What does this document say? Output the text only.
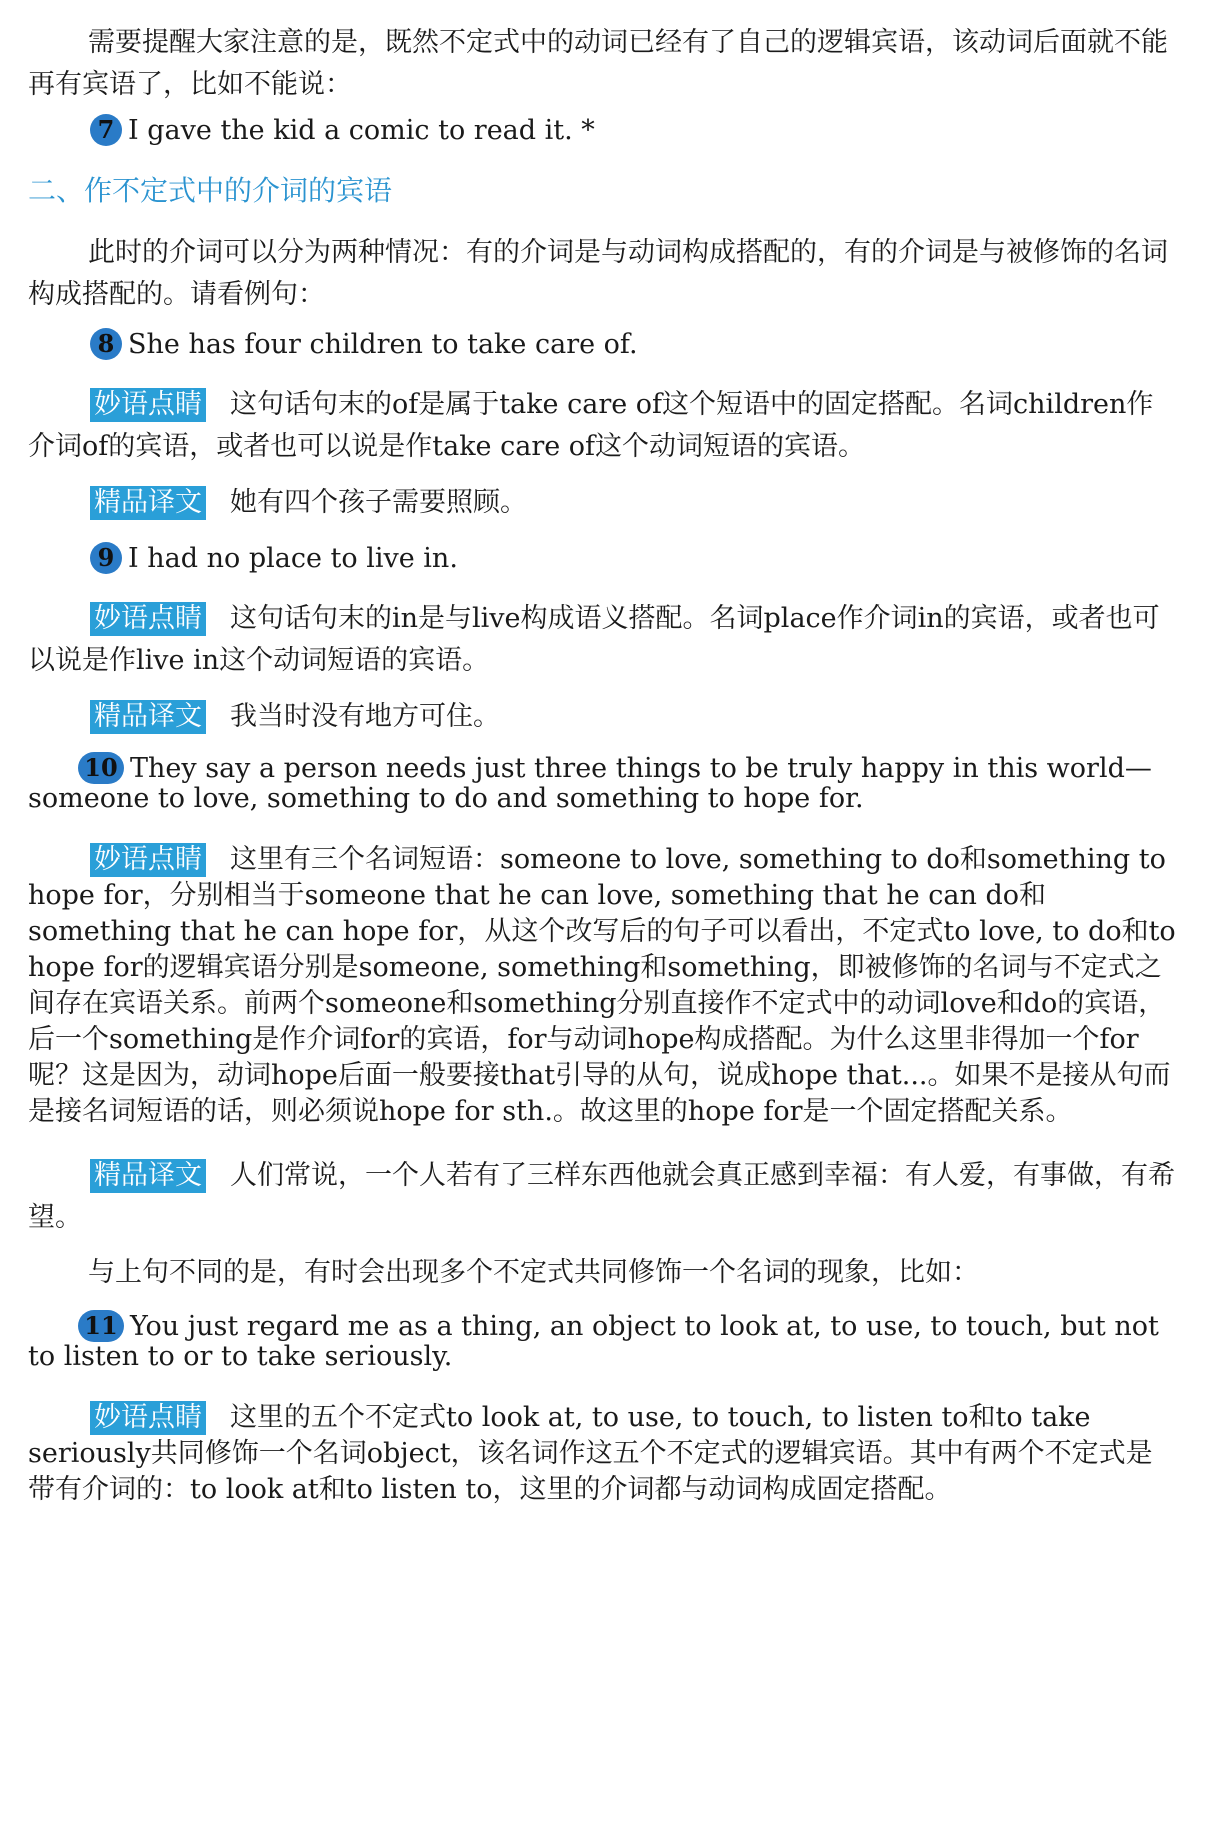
需要提醒大家注意的是，既然不定式中的动词已经有了自己的逻辑宾语，该动词后面就不能再有宾语了，比如不能说：
7 I gave the kid a comic to read it. *
二、作不定式中的介词的宾语
此时的介词可以分为两种情况：有的介词是与动词构成搭配的，有的介词是与被修饰的名词构成搭配的。请看例句：
8 She has four children to take care of.
妙语点睛 这句话句末的of是属于take care of这个短语中的固定搭配。名词children作介词of的宾语，或者也可以说是作take care of这个动词短语的宾语。
精品译文 她有四个孩子需要照顾。
9 I had no place to live in.
妙语点睛 这句话句末的in是与live构成语义搭配。名词place作介词in的宾语，或者也可以说是作live in这个动词短语的宾语。
精品译文 我当时没有地方可住。
10 They say a person needs just three things to be truly happy in this world—someone to love, something to do and something to hope for.
妙语点睛 这里有三个名词短语：someone to love, something to do和something to hope for，分别相当于someone that he can love, something that he can do和something that he can hope for，从这个改写后的句子可以看出，不定式to love, to do和to hope for的逻辑宾语分别是someone, something和something，即被修饰的名词与不定式之间存在宾语关系。前两个someone和something分别直接作不定式中的动词love和do的宾语，后一个something是作介词for的宾语，for与动词hope构成搭配。为什么这里非得加一个for呢？这是因为，动词hope后面一般要接that引导的从句，说成hope that...。如果不是接从句而是接名词短语的话，则必须说hope for sth.。故这里的hope for是一个固定搭配关系。
精品译文 人们常说，一个人若有了三样东西他就会真正感到幸福：有人爱，有事做，有希望。
与上句不同的是，有时会出现多个不定式共同修饰一个名词的现象，比如：
11 You just regard me as a thing, an object to look at, to use, to touch, but not to listen to or to take seriously.
妙语点睛 这里的五个不定式to look at, to use, to touch, to listen to和to take seriously共同修饰一个名词object，该名词作这五个不定式的逻辑宾语。其中有两个不定式是带有介词的：to look at和to listen to，这里的介词都与动词构成固定搭配。
